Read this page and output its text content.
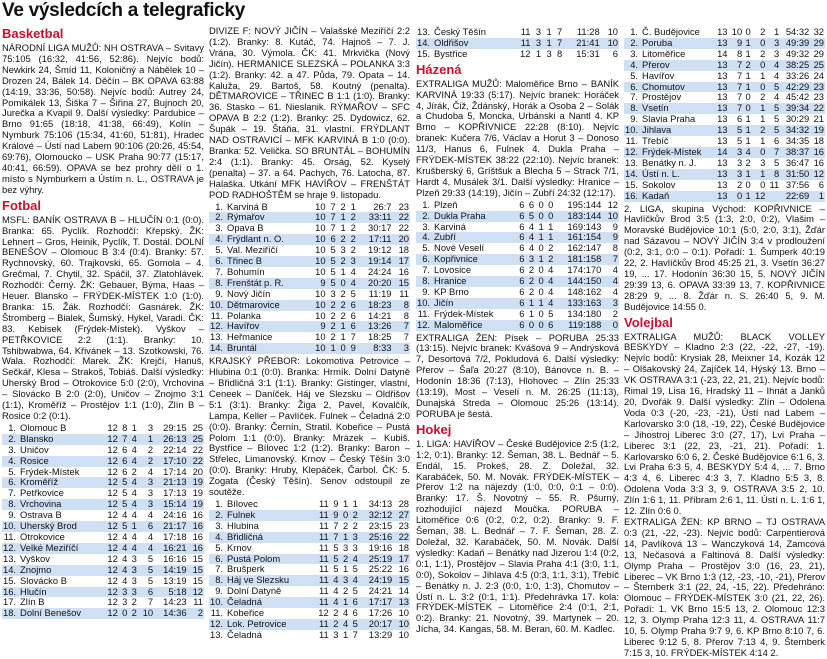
Ve výsledcích a telegraficky
Basketbal

NÁRODNÍ LIGA MUŽŮ: NH OSTRAVA – Svitavy 75:105 (16:32, 41:56, 52:86). Nejvíc bodů: Newkirk 24, Šmíd 11, Koloničný a Nábělek 10 – Drozen 24, Bálek 14. Děčín – BK OPAVA 63:88 (14:19, 33:36, 50:58). Nejvíc bodů: Autrey 24, Pomikálek 13, Šiška 7 – Šiřina 27, Bujnoch 20, Jurečka a Kvapil 9. Další výsledky: Pardubice – Brno 91:65 (18:18, 41:38, 66:49), Kolín – Nymburk 75:106 (15:34, 41:60, 51:81), Hradec Králové – Ústí nad Labem 90:106 (20:26, 45:54, 69:76), Olomoucko – USK Praha 90:77 (15:17, 40:41, 66:59). OPAVA se bez prohry dělí o 1. místo s Nymburkem a Ústím n. L., OSTRAVA je bez výhry.

Fotbal

MSFL: BANÍK OSTRAVA B – HLUČÍN 0:1 (0:0). Branka: 65. Pyclík. Rozhodčí: Křepský. ŽK: Lehnert – Gros, Heinik, Pyclík, T. Dostál. DOLNÍ BENEŠOV – Olomouc B 3:4 (0:4). Branky: 57. Rychnovský, 60. Trajkovski, 65. Gomola – 4. Grečmal, 7. Chytil, 32. Spáčil, 37. Zlatohlávek. Rozhodčí: Černý. ŽK: Gebauer, Býma, Haas – Heuer. Blansko – FRÝDEK-MÍSTEK 1:0 (1:0). Branka: 15. Žák. Rozhodčí: Gasnárek. ŽK: Štromberg – Bialek, Šumský, Hykel, Varadi. ČK: 83. Kebisek (Frýdek-Místek). Vyškov – PETŘKOVICE 2:2 (1:1). Branky: 10. Tshibwabwa, 64. Křivánek – 13. Szotkowski, 76. Wala. Rozhodčí: Marek. ŽK: Krejčí, Hanuš, Sečkář, Klesa – Strakoš, Tobiáš. Další výsledky: Uherský Brod – Otrokovice 5:0 (2:0), Vrchovina – Slovácko B 2:0 (2:0), Uničov – Znojmo 3:1 (1:1), Kroměříž – Prostějov 1:1 (1:0), Zlín B – Rosice 0:2 (0:1).

1.	Olomouc B	12	8	1	3	29:15	25
2.	Blansko	12	7	4	1	26:13	25
3.	Uničov	12	6	4	2	22:14	22
4.	Rosice	12	6	4	2	17:10	22
5.	Frýdek-Místek	12	6	2	4	17:14	20
6.	Kroměříž	12	5	4	3	21:13	19
7.	Petřkovice	12	5	4	3	17:13	19
8.	Vrchovina	12	5	4	3	15:14	19
9.	Ostrava B	12	4	4	4	24:16	16
10.	Uherský Brod	12	5	1	6	21:17	16
11.	Otrokovice	12	4	4	4	17:18	16
12.	Velké Meziříčí	12	4	4	4	16:21	16
13.	Vyškov	12	4	3	5	16:16	15
14.	Znojmo	12	4	3	5	14:19	15
15.	Slovácko B	12	4	3	5	13:19	15
16.	Hlučín	12	3	3	6	5:18	12
17.	Zlín B	12	3	2	7	14:23	11
18.	Dolní Benešov	12	0	2	10	14:36	2

DIVIZE F: NOVÝ JIČÍN – Valašské Meziříčí 2:2 (1:2). Branky: 8. Kutáč, 74. Hajnoš – 7. J. Vrána, 30. Výmola. ČK: 41. Mrkvička (Nový Jičín). HERMANICE SLEZSKÁ – POLANKA 3:3 (1:2). Branky: 42. a 47. Půda, 79. Opata – 14. Kaluža, 29. Bartoš, 58. Koutný (penalta). DĚTMAROVICE – TŘINEC B 1:1 (1:0). Branky: 36. Stasko – 61. Nieslanik. RÝMAŘOV – SFC OPAVA B 2:2 (1:2). Branky: 25. Dydowicz, 62. Šupák – 19. Štáňa, 31. vlastní. FRÝDLANT NAD OSTRAVICÍ – MFK KARVINÁ B 1:0 (0:0). Branka: 52. Velička. SO BRUNTÁL – BOHUMÍN 2:4 (1:1). Branky: 45. Orság, 52. Kyselý (penalta) – 37. a 64. Pachych, 76. Latocha, 87. Halaška. Utkání MFK HAVÍŘOV – FRENŠTÁT POD RADHOŠTĚM se hraje 9. listopadu.

1.	Karviná B	10	7	2	1	26:7	23
2.	Rýmařov	10	7	1	2	33:11	22
3.	Opava B	10	7	1	2	30:17	22
4.	Frýdlant n. O.	10	6	2	2	17:11	20
5.	Val. Meziříčí	10	5	3	2	19:12	18
6.	Třinec B	10	5	2	3	19:14	17
7.	Bohumín	10	5	1	4	24:24	16
8.	Frenštát p. R.	9	5	0	4	20:20	15
9.	Nový Jičín	10	3	2	5	11:19	11
10.	Dětmarovice	10	2	2	6	18:23	8
11.	Polanka	10	2	2	6	14:21	8
12.	Havířov	9	2	1	6	13:26	7
13.	Heřmanice	10	2	1	7	18:25	7
14.	Bruntál	10	1	0	9	8:33	3

KRAJSKÝ PŘEBOR: Lokomotiva Petrovice – Hlubina 0:1 (0:0). Branka: Hrmík. Dolní Datyně – Břidličná 3:1 (1:1). Branky: Gistinger, vlastní, Ceneek – Daníček. Háj ve Slezsku – Oldřišov 5:1 (3:1). Branky: Žiga 2, Pavel, Kovalčík, Lampa, Keller – Pavlíček. Fulnek – Čeladná 2:0 (0:0). Branky: Černín, Stratil. Kobeřice – Pustá Polom 1:1 (0:0). Branky: Mrázek – Kubiš. Bystřice – Bílovec 1:2 (1:2). Branky: Baron – Střelec, Limanovský. Krnov – Český Těšín 3:0 (0:0). Branky: Hruby, Klepáček, Čarbol. ČK: 5. Zogata (Český Těšín). Senov odstoupil ze soutěže.

1.	Bílovec	11	9	1	1	34:13	28
2.	Fulnek	11	9	0	2	32:12	27
3.	Hlubina	11	7	2	2	23:15	23
4.	Břidličná	11	7	1	3	25:16	22
5.	Krnov	11	5	3	3	19:16	18
6.	Pustá Polom	11	5	2	4	25:19	17
7.	Brušperk	11	5	1	5	25:22	16
8.	Háj ve Slezsku	11	4	3	4	24:19	15
9.	Dolní Datyně	11	4	2	5	24:21	14
10.	Čeladná	11	4	1	6	17:17	13
11.	Kobeřice	12	2	4	6	17:26	10
12.	Lok. Petrovice	11	2	4	5	20:17	10
13.	Čeladná	11	3	1	7	13:29	10
13.	Český Těšín	11	3	1	7	11:28	10
14.	Oldřišov	11	3	1	7	21:41	10
15.	Bystřice	12	1	3	8	15:31	6
Házená

EXTRALIGA MUŽŮ: Maloměřice Brno – BANÍK KARVINÁ 19:33 (5:17). Nejvíc branek: Horáček 4, Jírák, Čiž, Ždánský, Horák a Osoba 2 – Solák a Chudoba 5, Moncka, Urbánski a Nantl 4. KP Brno – KOPŘIVNICE 22:28 (8:10). Nejvíc branek: Kučera 7/6, Václav a Horut 3 – Donoso 11/3, Hanus 6, Fulnek 4. Dukla Praha – FRÝDEK-MÍSTEK 38:22 (22:10). Nejvíc branek: Krušberský 6, Gríštšuk a Blecha 5 – Strack 7/1, Hardt 4, Musálek 3/1. Další výsledky: Hranice – Plzeň 29:33 (14:19), Jičín – Zubří 24:32 (12:17).

1.	Plzeň	6	6	0	0	195:144	12
2.	Dukla Praha	6	5	0	0	183:144	10
3.	Karviná	6	4	1	1	169:143	9
4.	Zubří	6	4	1	1	161:154	9
5.	Nové Veselí	6	4	0	2	162:147	8
6.	Kopřivnice	6	3	1	2	181:158	7
7.	Lovosice	6	2	0	4	174:170	4
8.	Hranice	6	2	0	4	144:150	4
9.	KP Brno	6	2	0	4	148:162	4
10.	Jičín	6	1	1	4	133:163	3
11.	Frýdek-Místek	6	1	0	5	134:180	2
12.	Maloměřice	6	0	0	6	119:188	0

EXTRALIGA ŽEN: Písek – PORUBA 25:33 (13:15). Nejvíc branek: Kvášová 9 – Andrýsková 7, Desortová 7/2, Pokludová 6. Další výsledky: Přerov – Šaľa 20:27 (8:10), Bánovce n. B. – Hodonín 18:36 (7:13), Hlohovec – Zlín 25:33 (13:19), Most – Veselí n. M. 26:25 (11:13), Dunajská Streda – Olomouc 25:26 (13:14). PORUBA je šestá.

Hokej

1. LIGA: HAVÍŘOV – České Budějovice 2:5 (1:2, 1:2, 0:1). Branky: 12. Šeman, 38. L. Bednář – 5. Endál, 15. Prokeš, 28. Z. Doležal, 32. Karabáček, 50. M. Novák. FRÝDEK-MÍSTEK – Přerov 1:2 na nájezdy (1:0, 0:0, 0:1 – 0:0). Branky: 17. Š. Novotný – 55. R. Pšurný, rozhodující nájezd Moučka. PORUBA – Litoměřice 0:6 (0:2, 0:2, 0:2). Branky: 9. F. Šeman, 38. L. Bednář – 7. F. Šeman, 28. Z. Doležal, 32. Karabáček, 50. M. Novák. Další výsledky: Kadaň – Benátky nad Jizerou 1:4 (0:2, 0:1, 1:1), Prostějov – Slavia Praha 4:1 (3:0, 1:1, 0:0), Sokolov – Jihlava 4:5 (0:3, 1:1, 3:1), Třebíč – Benátky n. J. 2:3 (0:0, 1:0, 1:3), Chomutov – Ústí n. L. 3:2 (0:1, 1:1). Předehrávka 17. kola: FRÝDEK-MÍSTEK – Litoměřice 2:4 (0:1, 2:1, 0:2). Branky: 21. Novotný, 39. Martynek – 20. Jícha, 34. Kangas, 58. M. Beran, 60. M. Kadlec.

1.	Č. Budějovice	13	10	0	2	1	54:32	32
2.	Poruba	13	9	1	0	3	49:39	29
3.	Litoměřice	14	8	1	2	3	49:32	29
4.	Přerov	13	7	2	0	4	38:25	25
5.	Havířov	13	7	1	1	4	33:26	24
6.	Chomutov	13	7	1	0	5	42:29	23
7.	Prostějov	13	7	0	2	4	45:42	23
8.	Vsetín	13	7	0	1	5	39:34	22
9.	Slavia Praha	13	6	1	1	5	30:29	21
10.	Jihlava	13	5	1	2	5	34:32	19
11.	Třebíč	13	5	1	1	6	34:35	18
12.	Frýdek-Místek	14	3	4	0	7	38:37	16
13.	Benátky n. J.	13	3	2	3	5	36:47	16
14.	Ústí n. L.	13	3	1	1	8	31:50	12
15.	Sokolov	13	2	0	0	11	37:56	6
16.	Kadaň	13	0	1	12		22:69	1

2. LIGA, skupina Východ: KOPŘIVNICE – Havlíčkův Brod 3:5 (1:3, 2:0, 0:2), Vlašim – Moravské Budějovice 10:1 (5:0, 2:0, 3:1), Žďár nad Sázavou – NOVÝ JIČÍN 3:4 v prodloužení (0:2, 3:1, 0:0 – 0:1). Pořadí: 1. Šumperk 40:19 22, 2. Havlíčkův Brod 45:25 21, 3. Vsetín 36:27 19, ... 17. Hodonín 36:30 15, 5. NOVÝ JIČÍN 29:39 13, 6. OPAVA 33:39 13, 7. KOPŘIVNICE 28:29 9, ... 8. Žďár n. S. 26:40 5, 9. M. Budějovice 14:55 0.

Volejbal

EXTRALIGA MUŽŮ: BLACK VOLLEY BESKYDY – Kladno 2:3 (22, -22, -27, -19). Nejvíc bodů: Krysiak 28, Meixner 14, Kozák 12 – Olšakovský 24, Zajíček 14, Hýský 13. Brno – VK OSTRAVA 3:1 (-23, 22, 21, 21). Nejvíc bodů: Rimal 19, Lisa 16, Hradský 11 – Ihnát a Janků 20, Dvořák 9. Další výsledky: Zlín – Odolena Voda 0:3 (-20, -23, -21), Ústí nad Labem – Karlovarsko 3:0 (18, -19, 22), České Budějovice – Jihostroj Liberec 3:0 (27, 17), Lvi Praha – Liberec 3:1 (22, 23, -21, 21). Pořadí: 1. Karlovarsko 6:0 6, 2. České Budějovice 6:1 6, 3. Lvi Praha 6:3 5, 4. BESKYDY 5:4 4, ... 7. Brno 4:3 4, 6. Liberec 4:3 3, 7. Kladno 5:5 3, 8. Odolena Voda 3:3 3, 9. OSTRAVA 3:5 2, 10. Zlín 1:6 1, 11. Příbram 2:6 1, 11. Ústí n. L. 1:6 1, 12. Zlín 0:6 0.

EXTRALIGA ŽEN: KP BRNO – TJ OSTRAVA 0:3 (21, -22, -23). Nejvíc bodů: Carpentierová 14, Pavlíková 13 – Wanczyková 14, Zamcová 13, Nečasová a Faltinová 8. Další výsledky: Olymp Praha – Prostějov 3:0 (16, 23, 21), Liberec – VK Brno 1:3 (12, -23, -10, -21), Přerov – Šternberk 3:1 (22, 24, -15, 22). Předehráno: Olomouc – FRÝDEK-MÍSTEK 3:0 (21, 22, 26). Pořadí: 1. VK Brno 15:5 13, 2. Olomouc 12:3 12, 3. Olymp Praha 12:3 11, 4. OSTRAVA 11:7 10, 5. Olymp Praha 9:7 9, 6. KP Brno 8:10 7, 6. Liberec 9:12 5, 8. Přerov 7:13 4, 9. Šternberk 7:15 3, 10. FRÝDEK-MÍSTEK 4:14 2.
